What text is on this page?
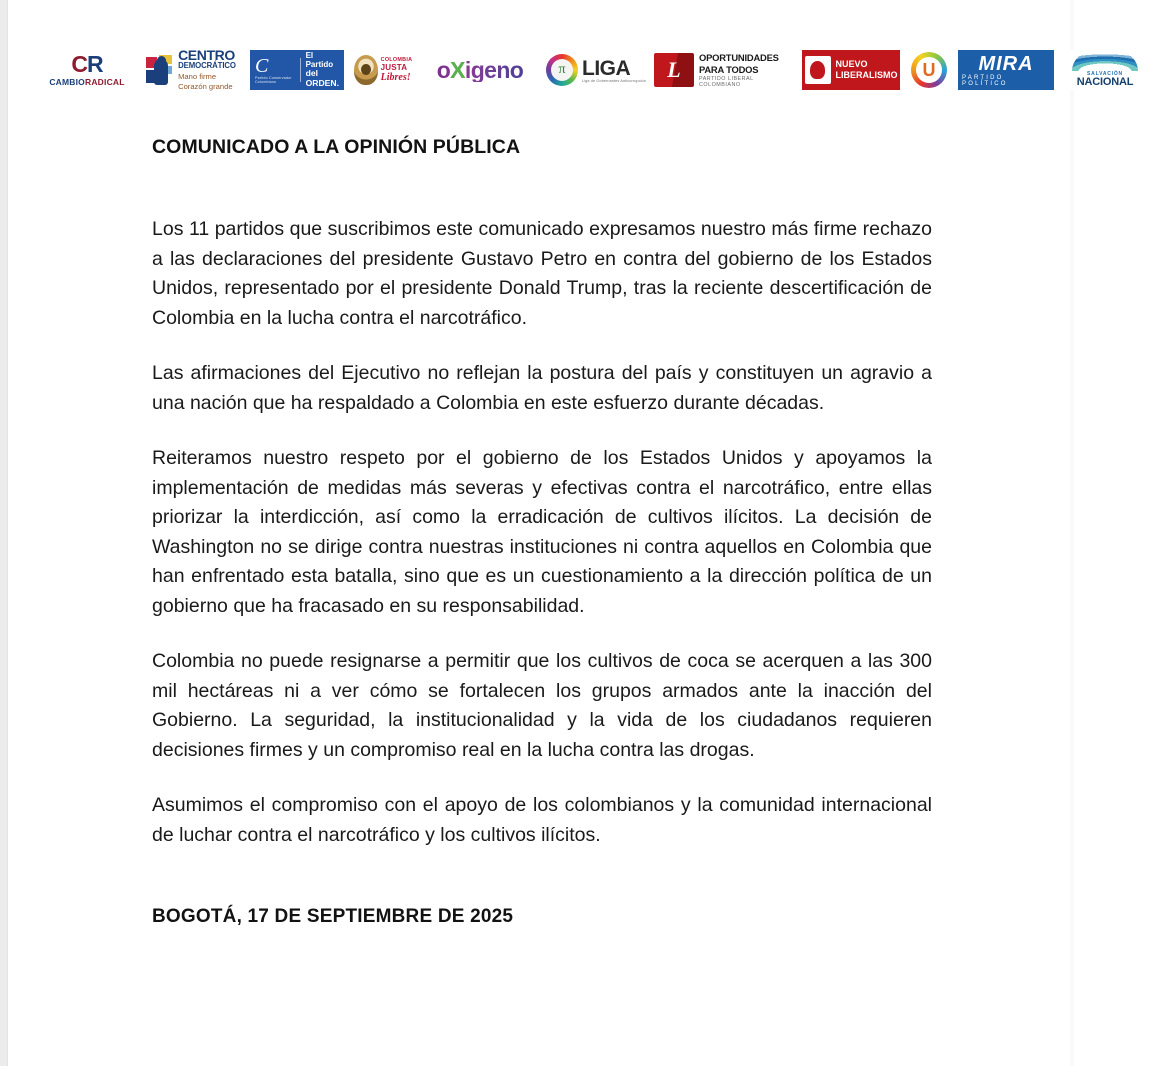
CR
CAMBIORADICAL
CENTRO
DEMOCRÁTICO
Mano firme
Corazón grande
C
Partido Conservador Colombiano
El Partido
del ORDEN.
COLOMBIA
JUSTA
Libres! oXigeno π	LIGA
Liga de Gobernantes Anticorrupción L OPORTUNIDADES
PARA TODOS
PARTIDO LIBERAL COLOMBIANO
NUEVO
LIBERALISMO
U
MIRA
PARTIDO POLÍTICO
SALVACIÓN
NACIONAL
COMUNICADO A LA OPINIÓN PÚBLICA

Los 11 partidos que suscribimos este comunicado expresamos nuestro más firme rechazo a las declaraciones del presidente Gustavo Petro en contra del gobierno de los Estados Unidos, representado por el presidente Donald Trump, tras la reciente descertificación de Colombia en la lucha contra el narcotráfico.

Las afirmaciones del Ejecutivo no reflejan la postura del país y constituyen un agravio a una nación que ha respaldado a Colombia en este esfuerzo durante décadas.

Reiteramos nuestro respeto por el gobierno de los Estados Unidos y apoyamos la implementación de medidas más severas y efectivas contra el narcotráfico, entre ellas priorizar la interdicción, así como la erradicación de cultivos ilícitos. La decisión de Washington no se dirige contra nuestras instituciones ni contra aquellos en Colombia que han enfrentado esta batalla, sino que es un cuestionamiento a la dirección política de un gobierno que ha fracasado en su responsabilidad.

Colombia no puede resignarse a permitir que los cultivos de coca se acerquen a las 300 mil hectáreas ni a ver cómo se fortalecen los grupos armados ante la inacción del Gobierno. La seguridad, la institucionalidad y la vida de los ciudadanos requieren decisiones firmes y un compromiso real en la lucha contra las drogas.

Asumimos el compromiso con el apoyo de los colombianos y la comunidad internacional de luchar contra el narcotráfico y los cultivos ilícitos.

BOGOTÁ, 17 DE SEPTIEMBRE DE 2025
